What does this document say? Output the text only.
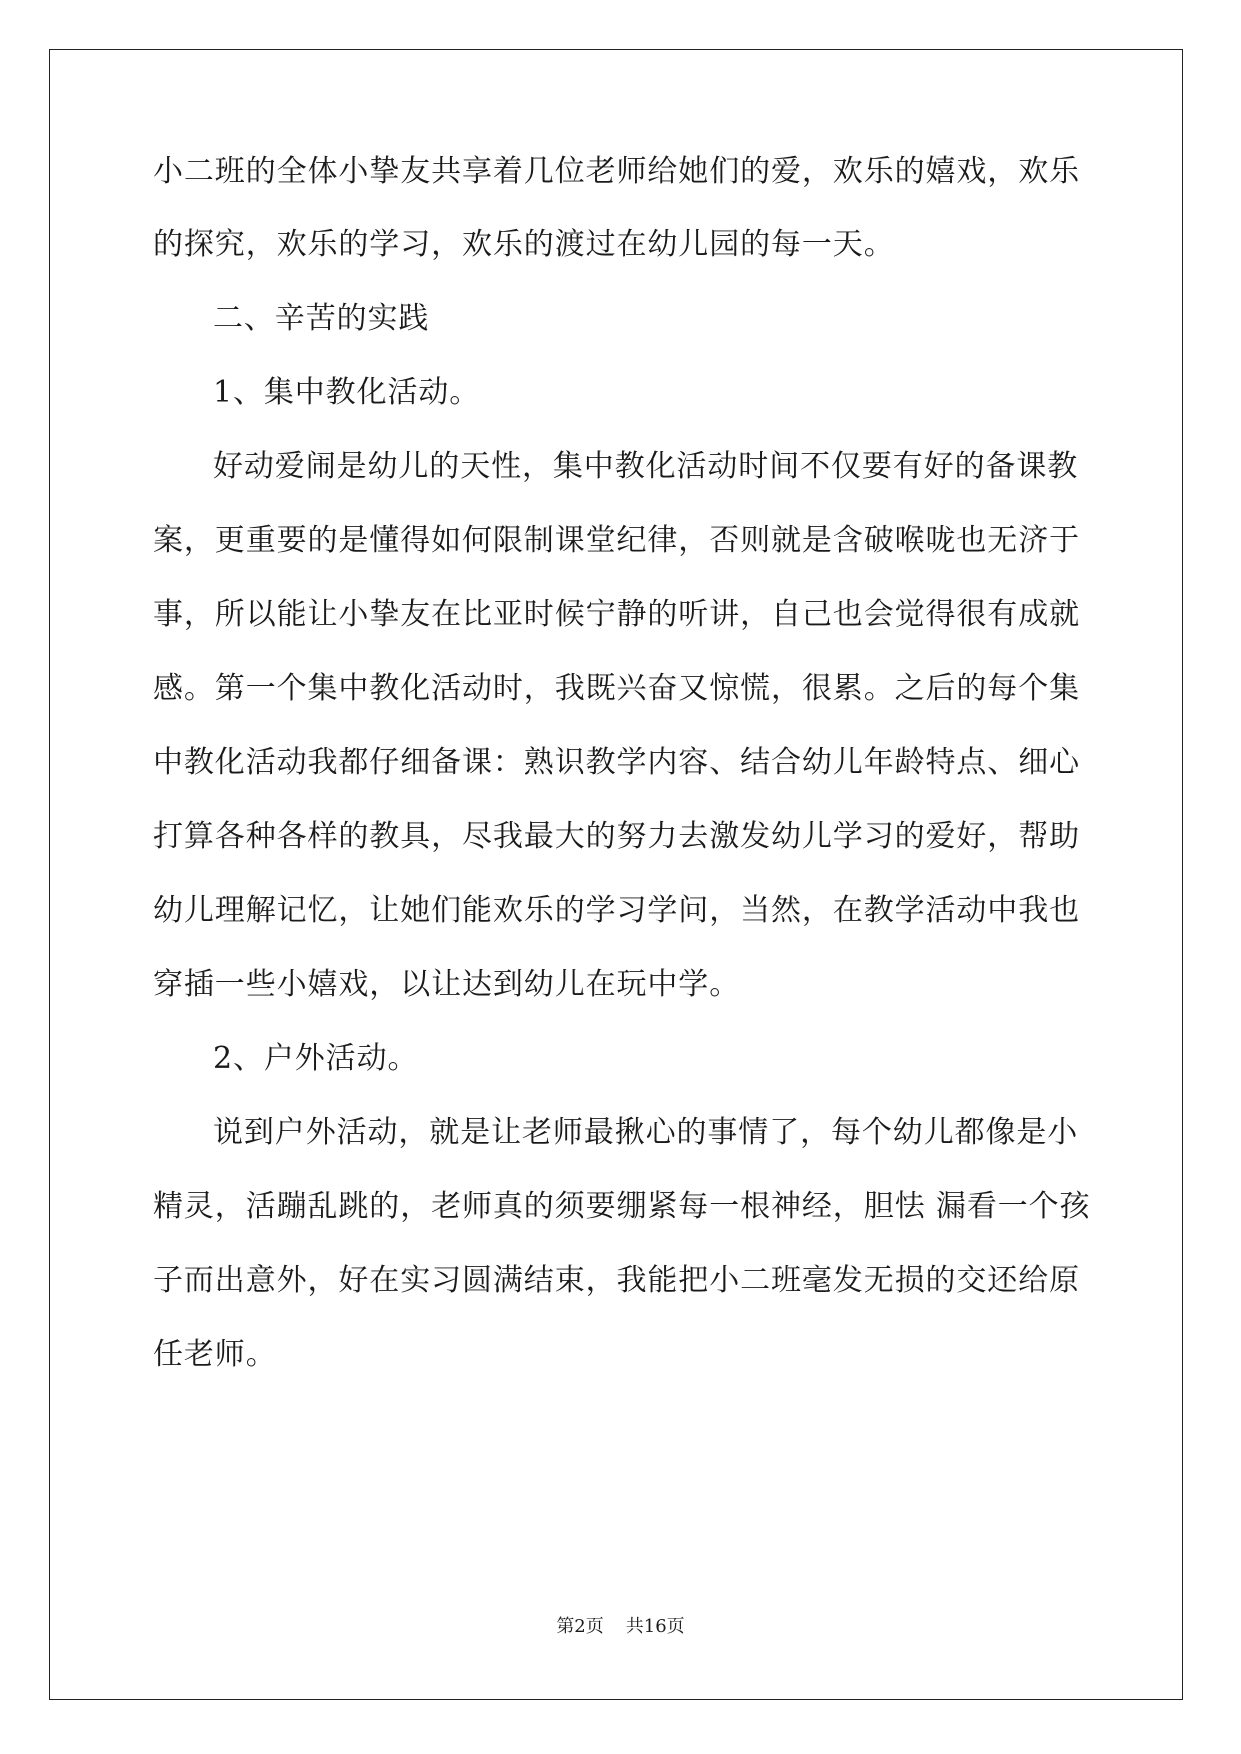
小二班的全体小挚友共享着几位老师给她们的爱，欢乐的嬉戏，欢乐
的探究，欢乐的学习，欢乐的渡过在幼儿园的每一天。
二、辛苦的实践
1、集中教化活动。
好动爱闹是幼儿的天性，集中教化活动时间不仅要有好的备课教
案，更重要的是懂得如何限制课堂纪律，否则就是含破喉咙也无济于
事，所以能让小挚友在比亚时候宁静的听讲，自己也会觉得很有成就
感。第一个集中教化活动时，我既兴奋又惊慌，很累。之后的每个集
中教化活动我都仔细备课：熟识教学内容、结合幼儿年龄特点、细心
打算各种各样的教具，尽我最大的努力去激发幼儿学习的爱好，帮助
幼儿理解记忆，让她们能欢乐的学习学问，当然，在教学活动中我也
穿插一些小嬉戏，以让达到幼儿在玩中学。
2、户外活动。
说到户外活动，就是让老师最揪心的事情了，每个幼儿都像是小
精灵，活蹦乱跳的，老师真的须要绷紧每一根神经，胆怯 漏看一个孩
子而出意外，好在实习圆满结束，我能把小二班毫发无损的交还给原
任老师。
第2页 共16页
